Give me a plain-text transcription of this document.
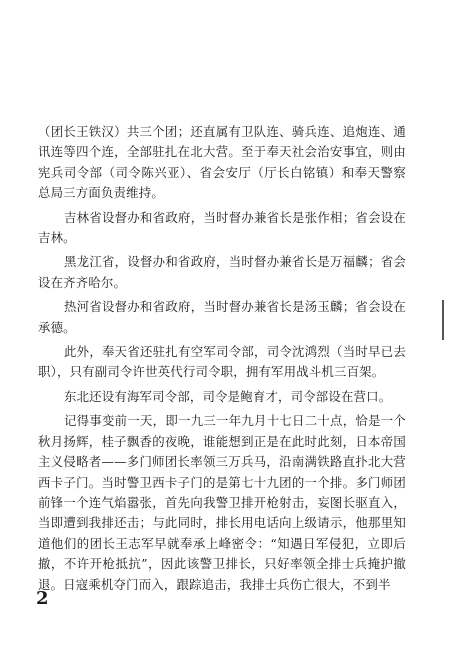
（团长王铁汉）共三个团；还直属有卫队连、骑兵连、追炮连、通讯连等四个连，全部驻扎在北大营。至于奉天社会治安事宜，则由宪兵司令部（司令陈兴亚）、省会安厅（厅长白铭镇）和奉天警察总局三方面负责维持。

吉林省设督办和省政府，当时督办兼省长是张作相；省会设在吉林。

黑龙江省，设督办和省政府，当时督办兼省长是万福麟；省会设在齐齐哈尔。

热河省设督办和省政府，当时督办兼省长是汤玉麟；省会设在承德。

此外，奉天省还驻扎有空军司令部，司令沈鸿烈（当时早已去职），只有副司令许世英代行司令职，拥有军用战斗机三百架。

东北还设有海军司令部，司令是鲍育才，司令部设在营口。

记得事变前一天，即一九三一年九月十七日二十点，恰是一个秋月扬辉，桂子飘香的夜晚，谁能想到正是在此时此刻，日本帝国主义侵略者——多门师团长率领三万兵马，沿南满铁路直扑北大营西卡子门。当时警卫西卡子门的是第七十九团的一个排。多门师团前锋一个连气焰嚣张，首先向我警卫排开枪射击，妄图长驱直入，当即遭到我排还击；与此同时，排长用电话向上级请示，他那里知道他们的团长王志军早就奉承上峰密令：“知遇日军侵犯，立即后撤，不许开枪抵抗”，因此该警卫排长，只好率领全排士兵掩护撤退。日寇乘机夺门而入，跟踪追击，我排士兵伤亡很大，不到半

2
